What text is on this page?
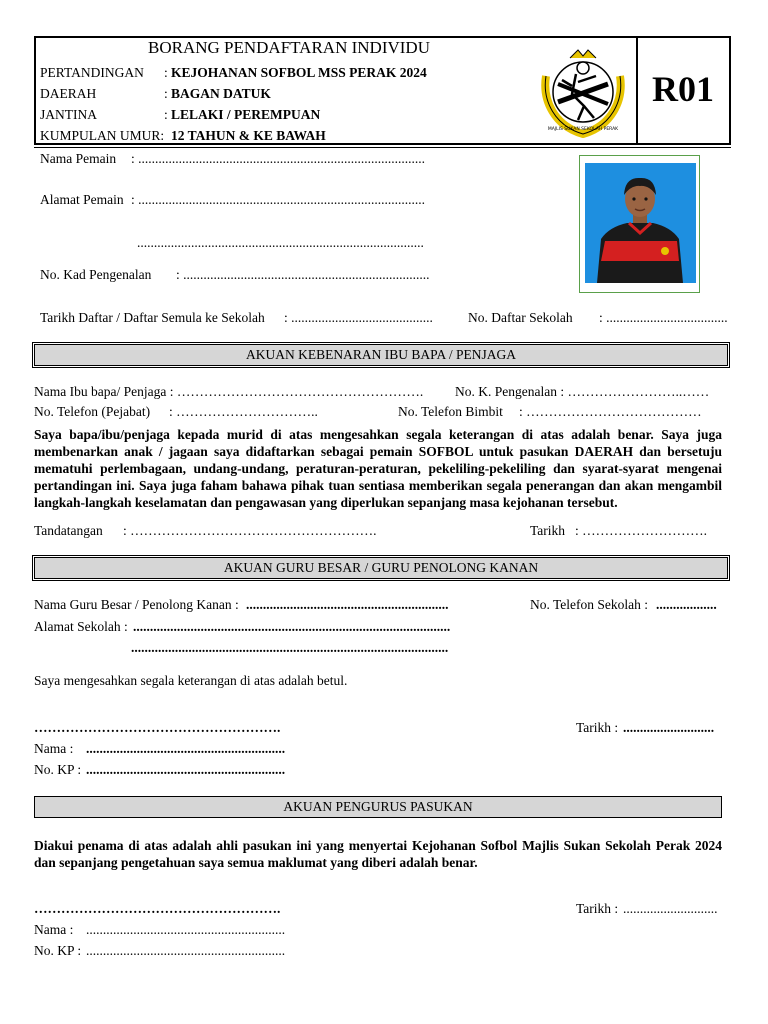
BORANG PENDAFTARAN INDIVIDU
PERTANDINGAN : KEJOHANAN SOFBOL MSS PERAK 2024
DAERAH	: BAGAN DATUK
JANTINA	: LELAKI / PEREMPUAN
KUMPULAN UMUR: 12 TAHUN & KE BAWAH	MAJLIS SUKAN SEKOLAH PERAK
R01
Nama Pemain : .....................................................................................
Alamat Pemain : .....................................................................................
.....................................................................................
No. Kad Pengenalan : .........................................................................
Tarikh Daftar / Daftar Semula ke Sekolah : ..........................................	No. Daftar Sekolah : ....................................
AKUAN KEBENARAN IBU BAPA / PENJAGA
Nama Ibu bapa/ Penjaga : ………………………………………………. No. K. Pengenalan : ……………………..……
No. Telefon (Pejabat) : …………………………..	No. Telefon Bimbit : …………………………………
Saya bapa/ibu/penjaga kepada murid di atas mengesahkan segala keterangan di atas adalah benar. Saya juga membenarkan anak / jagaan saya didaftarkan sebagai pemain SOFBOL untuk pasukan DAERAH dan bersetuju mematuhi perlembagaan, undang-undang, peraturan-peraturan, pekeliling-pekeliling dan syarat-syarat mengenai pertandingan ini. Saya juga faham bahawa pihak tuan sentiasa memberikan segala penerangan dan akan mengambil langkah-langkah keselamatan dan pengawasan yang diperlukan sepanjang masa kejohanan tersebut.
Tandatangan : ……………………………………………….	Tarikh : ……………………….
AKUAN GURU BESAR / GURU PENOLONG KANAN
Nama Guru Besar / Penolong Kanan : ............................................................	No. Telefon Sekolah : ..................
Alamat Sekolah : ..............................................................................................
..............................................................................................
Saya mengesahkan segala keterangan di atas adalah betul.
……………………………………………….	Tarikh : ...........................
Nama : ...........................................................
No. KP : ...........................................................
AKUAN PENGURUS PASUKAN
Diakui penama di atas adalah ahli pasukan ini yang menyertai Kejohanan Sofbol Majlis Sukan Sekolah Perak 2024 dan sepanjang pengetahuan saya semua maklumat yang diberi adalah benar.
……………………………………………….	Tarikh : ............................
Nama : ...........................................................
No. KP : ...........................................................
